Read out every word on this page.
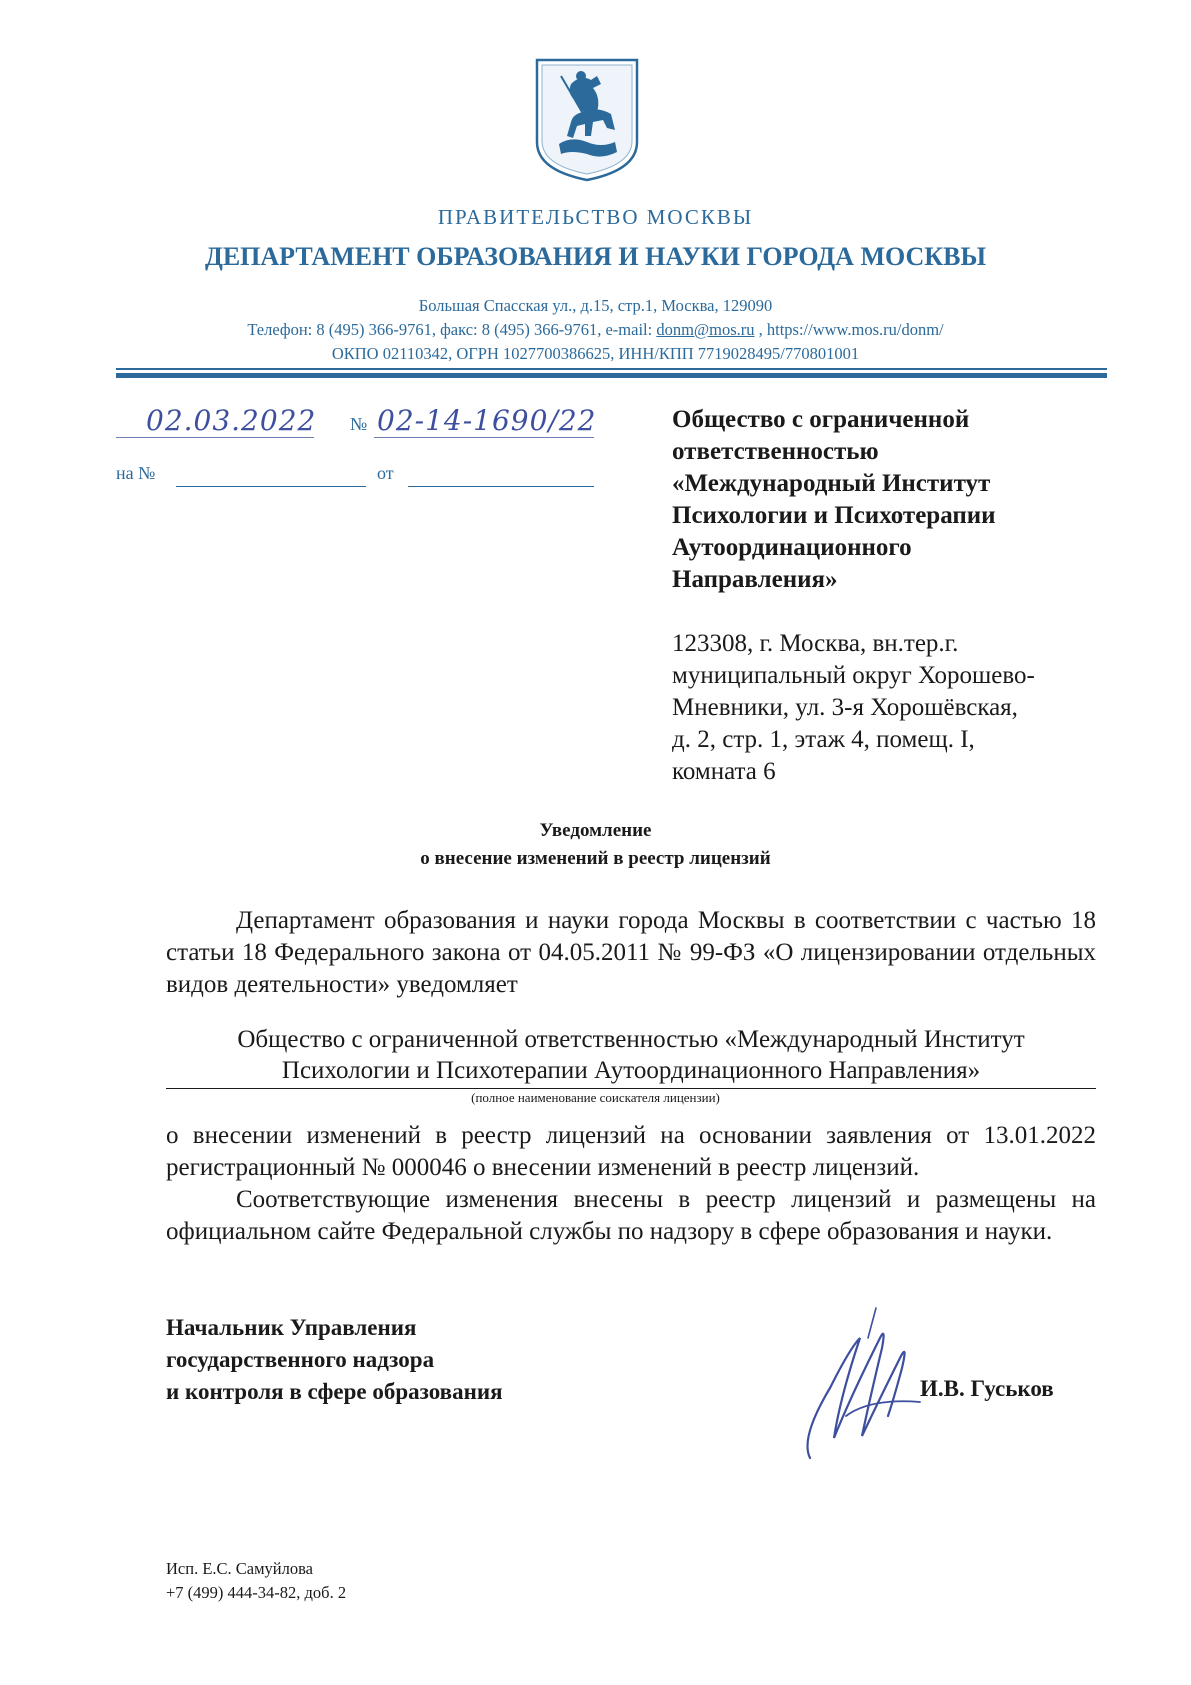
ПРАВИТЕЛЬСТВО МОСКВЫ
ДЕПАРТАМЕНТ ОБРАЗОВАНИЯ И НАУКИ ГОРОДА МОСКВЫ
Большая Спасская ул., д.15, стр.1, Москва, 129090
Телефон: 8 (495) 366-9761, факс: 8 (495) 366-9761, e-mail: donm@mos.ru , https://www.mos.ru/donm/
ОКПО 02110342, ОГРН 1027700386625, ИНН/КПП 7719028495/770801001
02.03.2022 № 02-14-1690/22
на №	от
Общество с ограниченной
ответственностью
«Международный Институт
Психологии и Психотерапии
Аутоординационного
Направления»
123308, г. Москва, вн.тер.г.
муниципальный округ Хорошево-
Мневники, ул. 3-я Хорошёвская,
д. 2, стр. 1, этаж 4, помещ. I,
комната 6
Уведомление
о внесение изменений в реестр лицензий
Департамент образования и науки города Москвы в соответствии с частью 18 статьи 18 Федерального закона от 04.05.2011 № 99-ФЗ «О лицензировании отдельных видов деятельности» уведомляет
Общество с ограниченной ответственностью «Международный Институт
Психологии и Психотерапии Аутоординационного Направления»
(полное наименование соискателя лицензии)
о внесении изменений в реестр лицензий на основании заявления от 13.01.2022 регистрационный № 000046 о внесении изменений в реестр лицензий.
Соответствующие изменения внесены в реестр лицензий и размещены на официальном сайте Федеральной службы по надзору в сфере образования и науки.
Начальник Управления
государственного надзора
и контроля в сфере образования	И.В. Гуськов
Исп. Е.С. Самуйлова
+7 (499) 444-34-82, доб. 2
